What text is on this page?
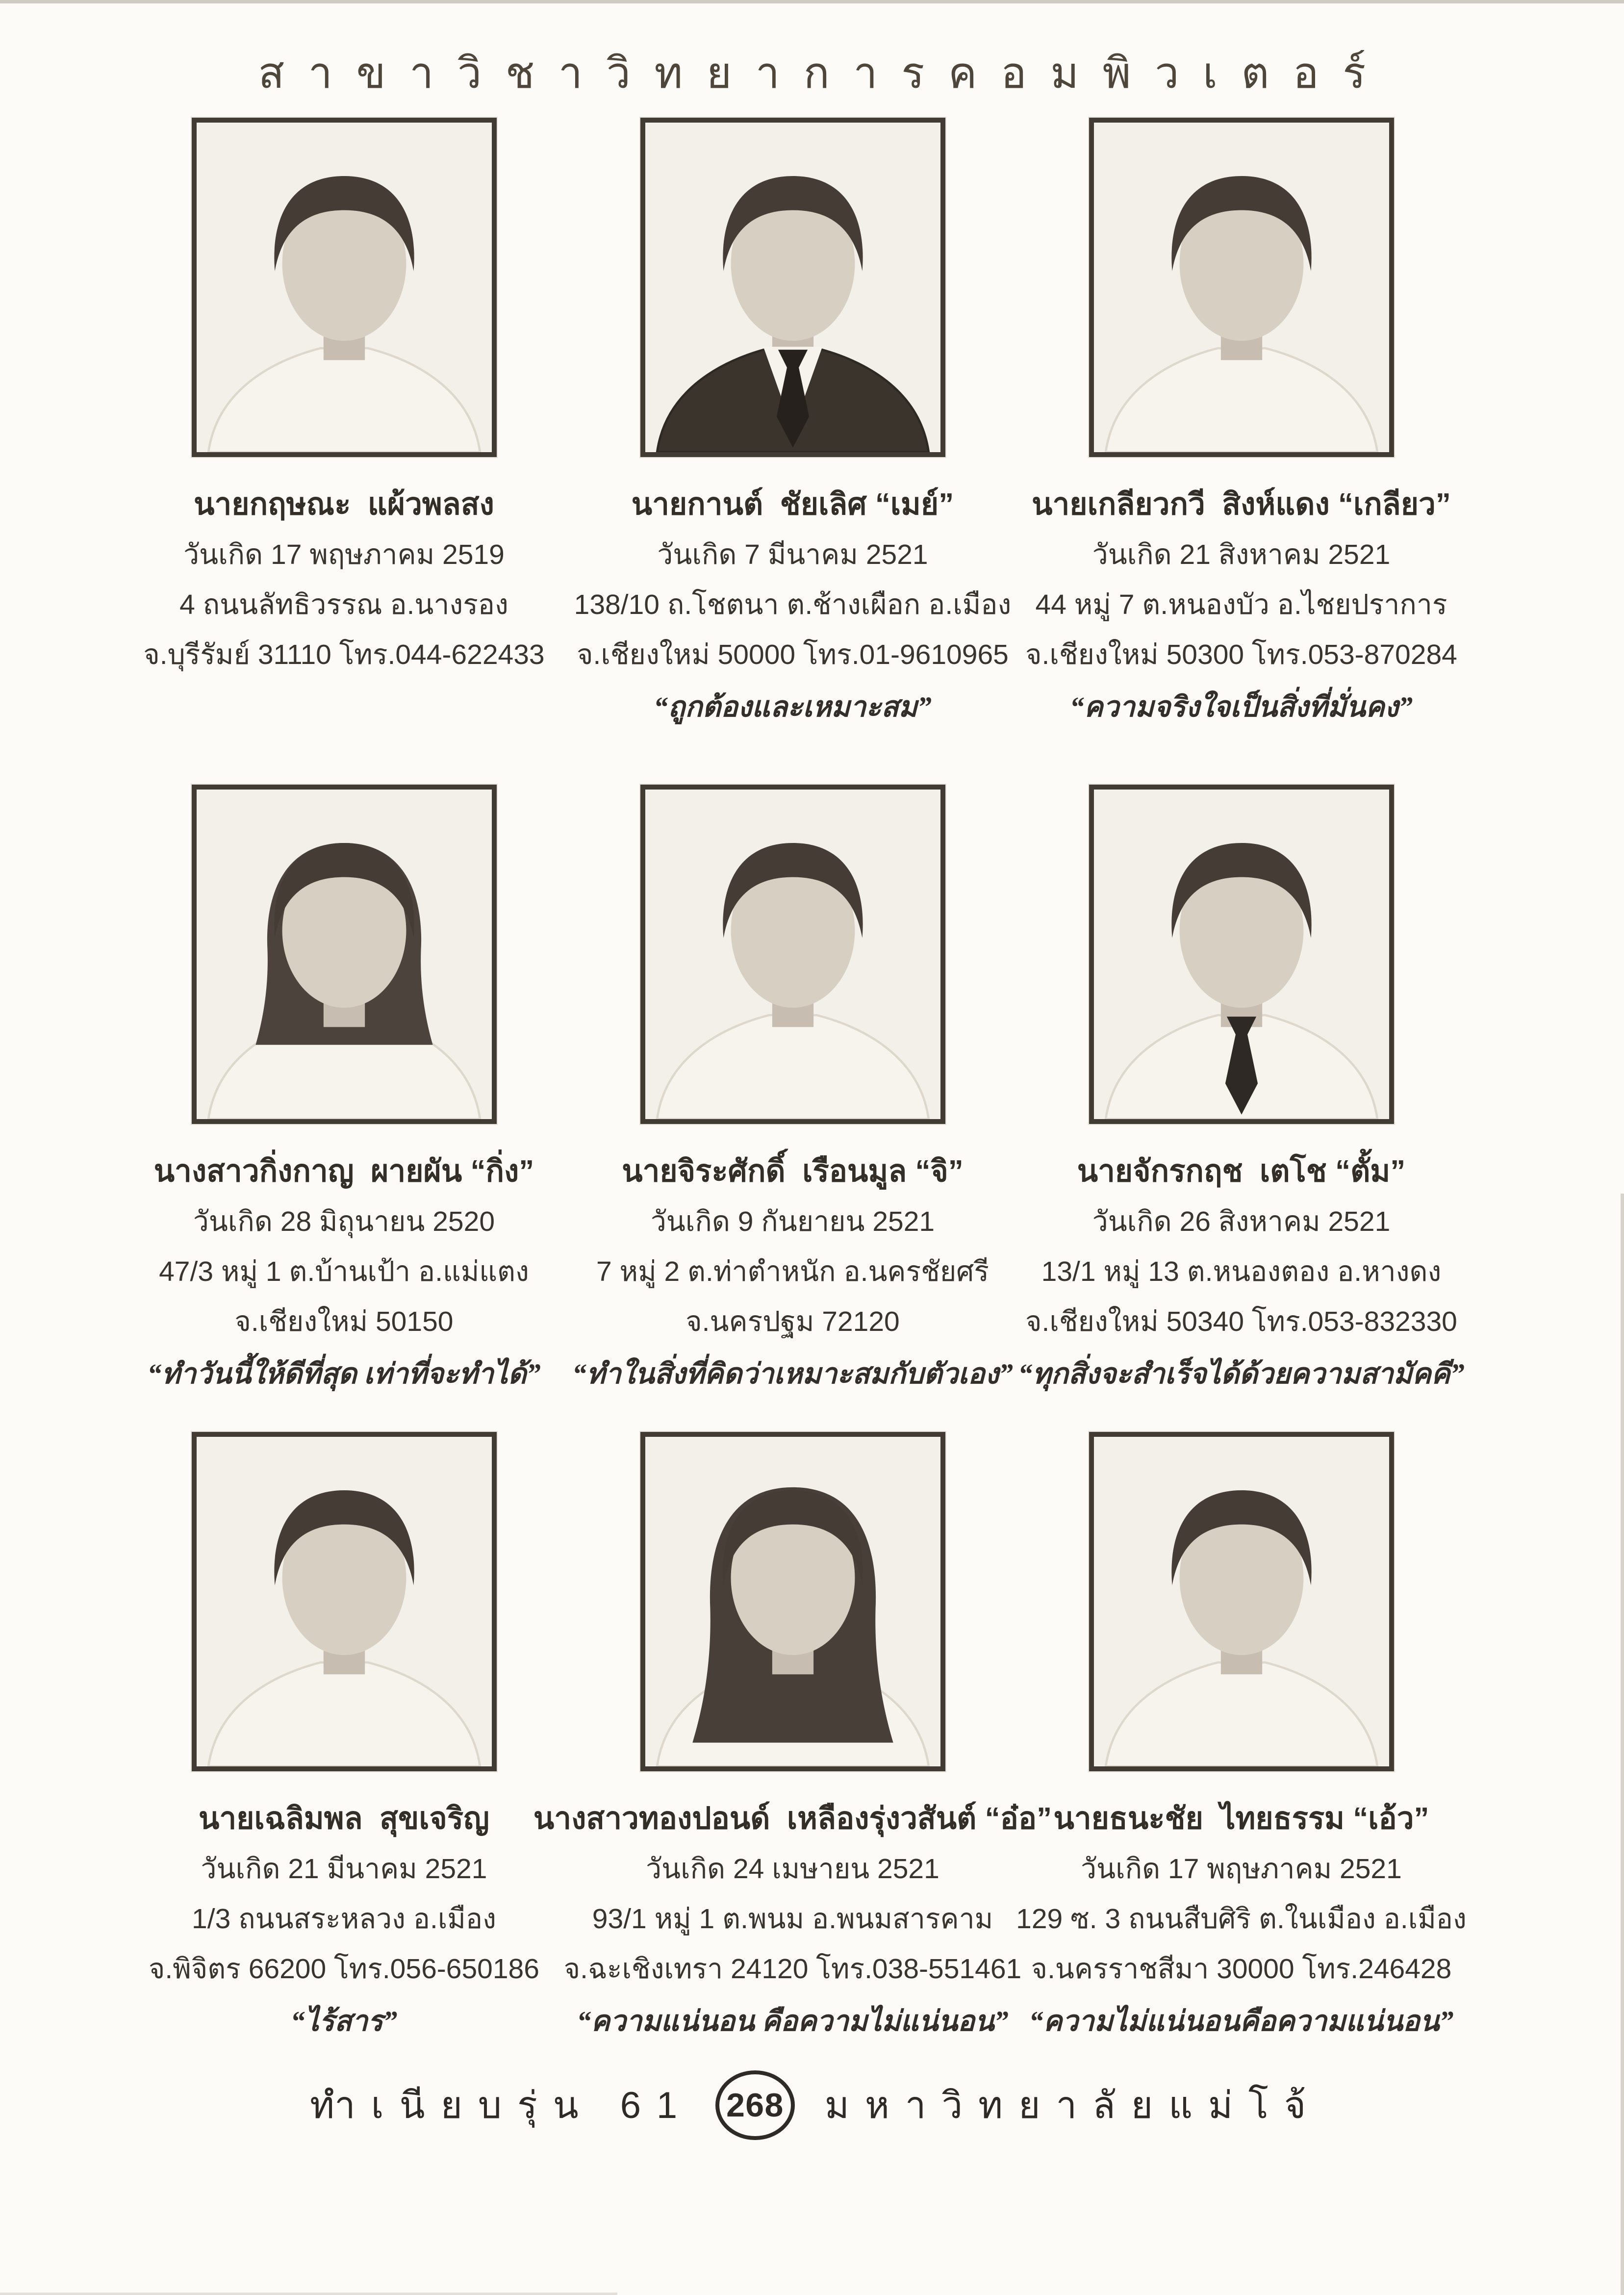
สาขาวิชาวิทยาการคอมพิวเตอร์
นายกฤษณะ  แผ้วพลสง
วันเกิด 17 พฤษภาคม 2519
4 ถนนลัทธิวรรณ อ.นางรอง
จ.บุรีรัมย์ 31110 โทร.044-622433
นายกานต์  ชัยเลิศ “เมย์”
วันเกิด 7 มีนาคม 2521
138/10 ถ.โชตนา ต.ช้างเผือก อ.เมือง
จ.เชียงใหม่ 50000 โทร.01-9610965
“ถูกต้องและเหมาะสม”
นายเกลียวกวี  สิงห์แดง “เกลียว”
วันเกิด 21 สิงหาคม 2521
44 หมู่ 7 ต.หนองบัว อ.ไชยปราการ
จ.เชียงใหม่ 50300 โทร.053-870284
“ความจริงใจเป็นสิ่งที่มั่นคง”
นางสาวกิ่งกาญ  ผายผัน “กิ่ง”
วันเกิด 28 มิถุนายน 2520
47/3 หมู่ 1 ต.บ้านเป้า อ.แม่แตง
จ.เชียงใหม่ 50150
“ทำวันนี้ให้ดีที่สุด เท่าที่จะทำได้”
นายจิระศักดิ์  เรือนมูล “จิ”
วันเกิด 9 กันยายน 2521
7 หมู่ 2 ต.ท่าตำหนัก อ.นครชัยศรี
จ.นครปฐม 72120
“ทำในสิ่งที่คิดว่าเหมาะสมกับตัวเอง”
นายจักรกฤช  เตโช “ตั้ม”
วันเกิด 26 สิงหาคม 2521
13/1 หมู่ 13 ต.หนองตอง อ.หางดง
จ.เชียงใหม่ 50340 โทร.053-832330
“ทุกสิ่งจะสำเร็จได้ด้วยความสามัคคี”
นายเฉลิมพล  สุขเจริญ
วันเกิด 21 มีนาคม 2521
1/3 ถนนสระหลวง อ.เมือง
จ.พิจิตร 66200 โทร.056-650186
“ไร้สาร”
นางสาวทองปอนด์  เหลืองรุ่งวสันต์ “อ๋อ”
วันเกิด 24 เมษายน 2521
93/1 หมู่ 1 ต.พนม อ.พนมสารคาม
จ.ฉะเชิงเทรา 24120 โทร.038-551461
“ความแน่นอน คือความไม่แน่นอน”
นายธนะชัย  ไทยธรรม “เอ้ว”
วันเกิด 17 พฤษภาคม 2521
129 ซ. 3 ถนนสืบศิริ ต.ในเมือง อ.เมือง
จ.นครราชสีมา 30000 โทร.246428
“ความไม่แน่นอนคือความแน่นอน”
ทำเนียบรุ่น 61 268 มหาวิทยาลัยแม่โจ้
